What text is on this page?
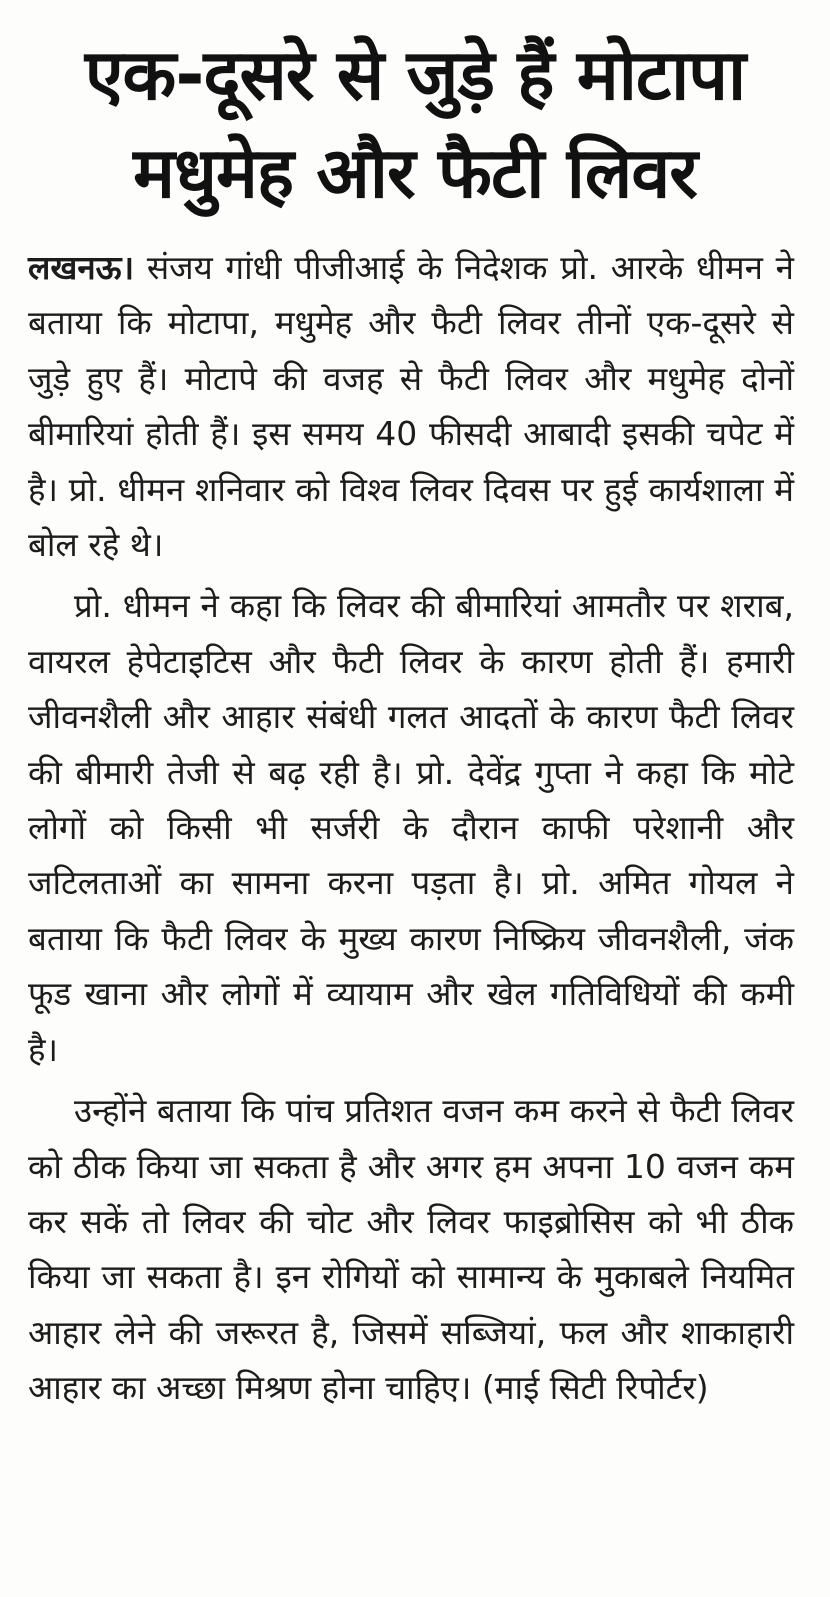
एक-दूसरे से जुड़े हैं मोटापा
मधुमेह और फैटी लिवर

लखनऊ। संजय गांधी पीजीआई के निदेशक प्रो. आरके धीमन ने बताया कि मोटापा, मधुमेह और फैटी लिवर तीनों एक-दूसरे से जुड़े हुए हैं। मोटापे की वजह से फैटी लिवर और मधुमेह दोनों बीमारियां होती हैं। इस समय 40 फीसदी आबादी इसकी चपेट में है। प्रो. धीमन शनिवार को विश्व लिवर दिवस पर हुई कार्यशाला में बोल रहे थे।

प्रो. धीमन ने कहा कि लिवर की बीमारियां आमतौर पर शराब, वायरल हेपेटाइटिस और फैटी लिवर के कारण होती हैं। हमारी जीवनशैली और आहार संबंधी गलत आदतों के कारण फैटी लिवर की बीमारी तेजी से बढ़ रही है। प्रो. देवेंद्र गुप्ता ने कहा कि मोटे लोगों को किसी भी सर्जरी के दौरान काफी परेशानी और जटिलताओं का सामना करना पड़ता है। प्रो. अमित गोयल ने बताया कि फैटी लिवर के मुख्य कारण निष्क्रिय जीवनशैली, जंक फूड खाना और लोगों में व्यायाम और खेल गतिविधियों की कमी है।

उन्होंने बताया कि पांच प्रतिशत वजन कम करने से फैटी लिवर को ठीक किया जा सकता है और अगर हम अपना 10 वजन कम कर सकें तो लिवर की चोट और लिवर फाइब्रोसिस को भी ठीक किया जा सकता है। इन रोगियों को सामान्य के मुकाबले नियमित आहार लेने की जरूरत है, जिसमें सब्जियां, फल और शाकाहारी आहार का अच्छा मिश्रण होना चाहिए। (माई सिटी रिपोर्टर)
